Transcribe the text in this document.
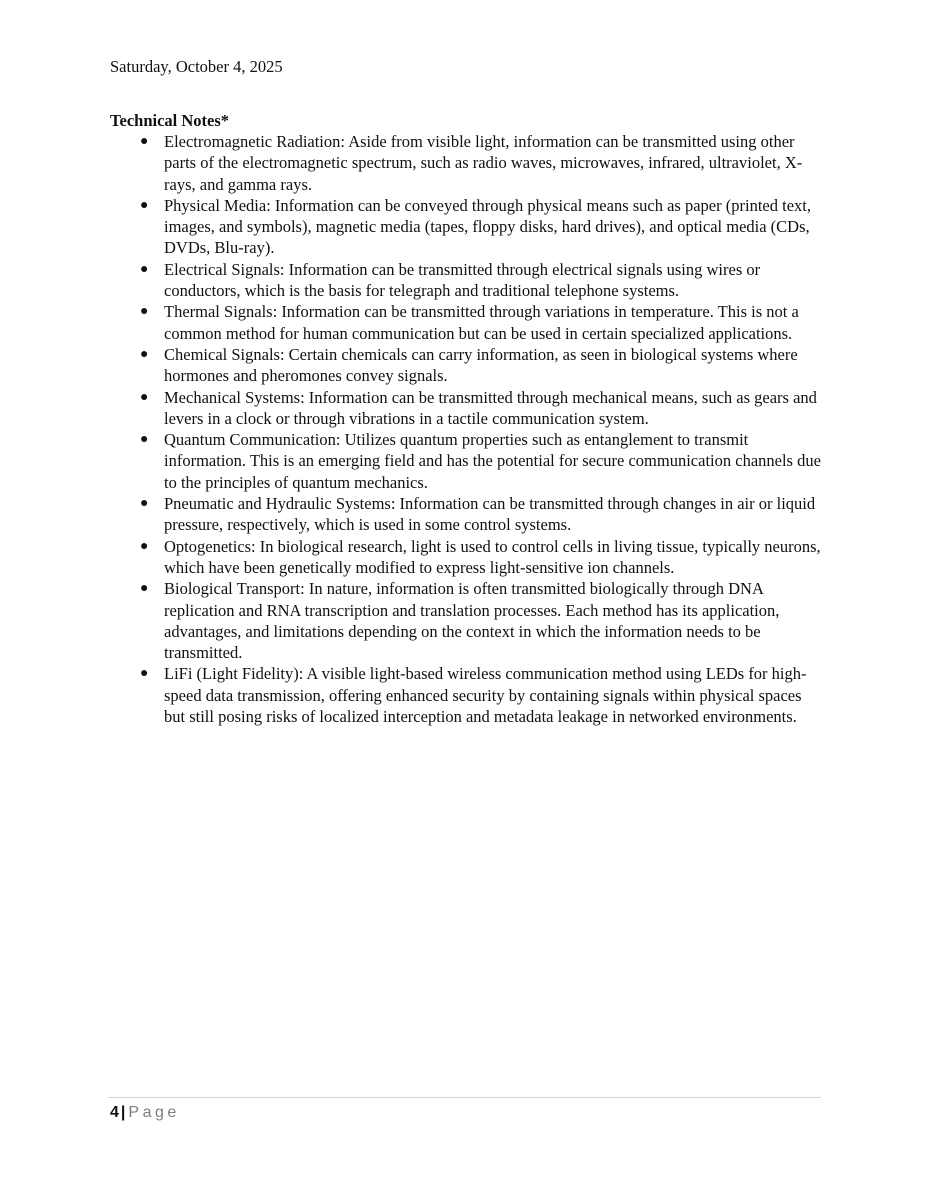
Saturday, October 4, 2025
Technical Notes*
● Electromagnetic Radiation: Aside from visible light, information can be transmitted using other parts of the electromagnetic spectrum, such as radio waves, microwaves, infrared, ultraviolet, X-rays, and gamma rays.
● Physical Media: Information can be conveyed through physical means such as paper (printed text, images, and symbols), magnetic media (tapes, floppy disks, hard drives), and optical media (CDs, DVDs, Blu-ray).
● Electrical Signals: Information can be transmitted through electrical signals using wires or conductors, which is the basis for telegraph and traditional telephone systems.
● Thermal Signals: Information can be transmitted through variations in temperature. This is not a common method for human communication but can be used in certain specialized applications.
● Chemical Signals: Certain chemicals can carry information, as seen in biological systems where hormones and pheromones convey signals.
● Mechanical Systems: Information can be transmitted through mechanical means, such as gears and levers in a clock or through vibrations in a tactile communication system.
● Quantum Communication: Utilizes quantum properties such as entanglement to transmit information. This is an emerging field and has the potential for secure communication channels due to the principles of quantum mechanics.
● Pneumatic and Hydraulic Systems: Information can be transmitted through changes in air or liquid pressure, respectively, which is used in some control systems.
● Optogenetics: In biological research, light is used to control cells in living tissue, typically neurons, which have been genetically modified to express light-sensitive ion channels.
● Biological Transport: In nature, information is often transmitted biologically through DNA replication and RNA transcription and translation processes. Each method has its application, advantages, and limitations depending on the context in which the information needs to be transmitted.
● LiFi (Light Fidelity): A visible light-based wireless communication method using LEDs for high-speed data transmission, offering enhanced security by containing signals within physical spaces but still posing risks of localized interception and metadata leakage in networked environments.
4 | Page
